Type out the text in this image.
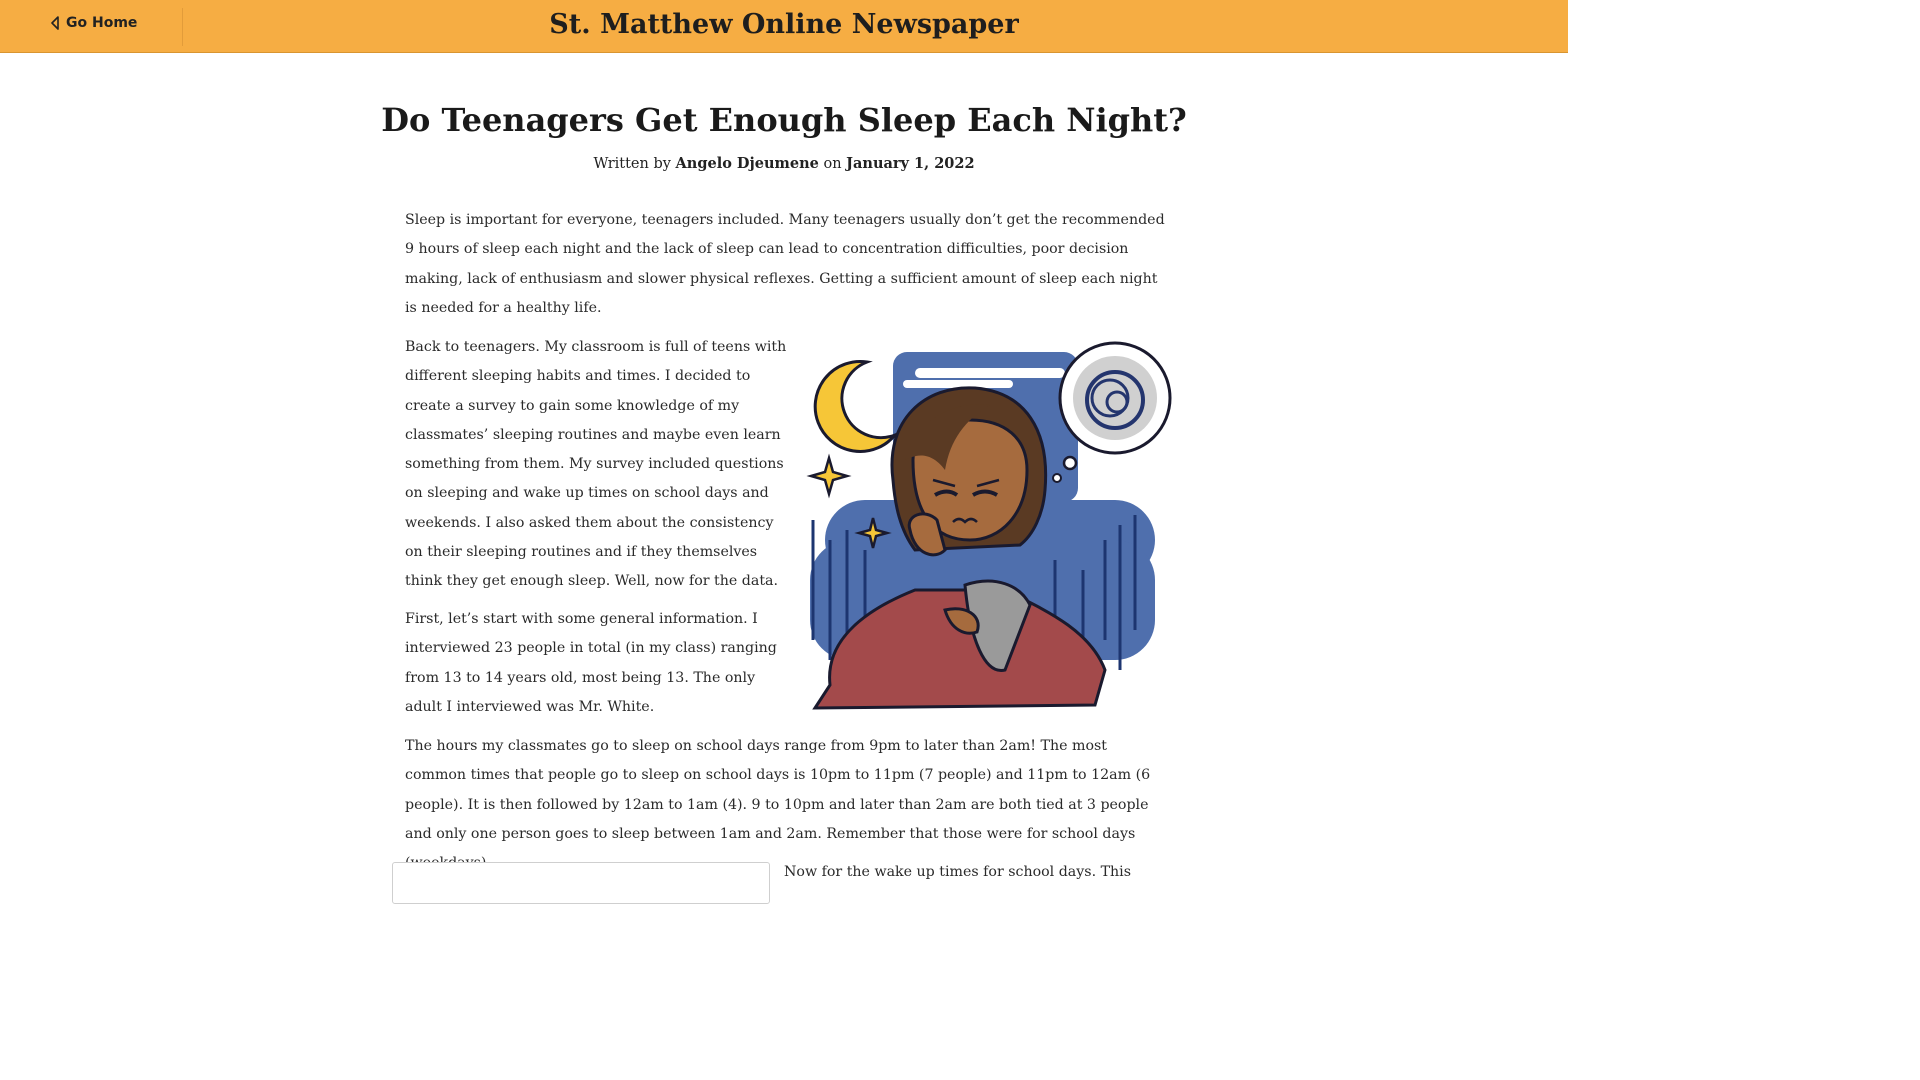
Go Home	St. Matthew Online Newspaper
Do Teenagers Get Enough Sleep Each Night?
Written by Angelo Djeumene on January 1, 2022

Sleep is important for everyone, teenagers included. Many teenagers usually don’t get the recommended 9 hours of sleep each night and the lack of sleep can lead to concentration difficulties, poor decision making, lack of enthusiasm and slower physical reflexes. Getting a sufficient amount of sleep each night is needed for a healthy life.

Back to teenagers. My classroom is full of teens with different sleeping habits and times. I decided to create a survey to gain some knowledge of my classmates’ sleeping routines and maybe even learn something from them. My survey included questions on sleeping and wake up times on school days and weekends. I also asked them about the consistency on their sleeping routines and if they themselves think they get enough sleep. Well, now for the data.

First, let’s start with some general information. I interviewed 23 people in total (in my class) ranging from 13 to 14 years old, most being 13. The only adult I interviewed was Mr. White.

The hours my classmates go to sleep on school days range from 9pm to later than 2am! The most common times that people go to sleep on school days is 10pm to 11pm (7 people) and 11pm to 12am (6 people). It is then followed by 12am to 1am (4). 9 to 10pm and later than 2am are both tied at 3 people and only one person goes to sleep between 1am and 2am. Remember that those were for school days

Now for the wake up times for school days. This
